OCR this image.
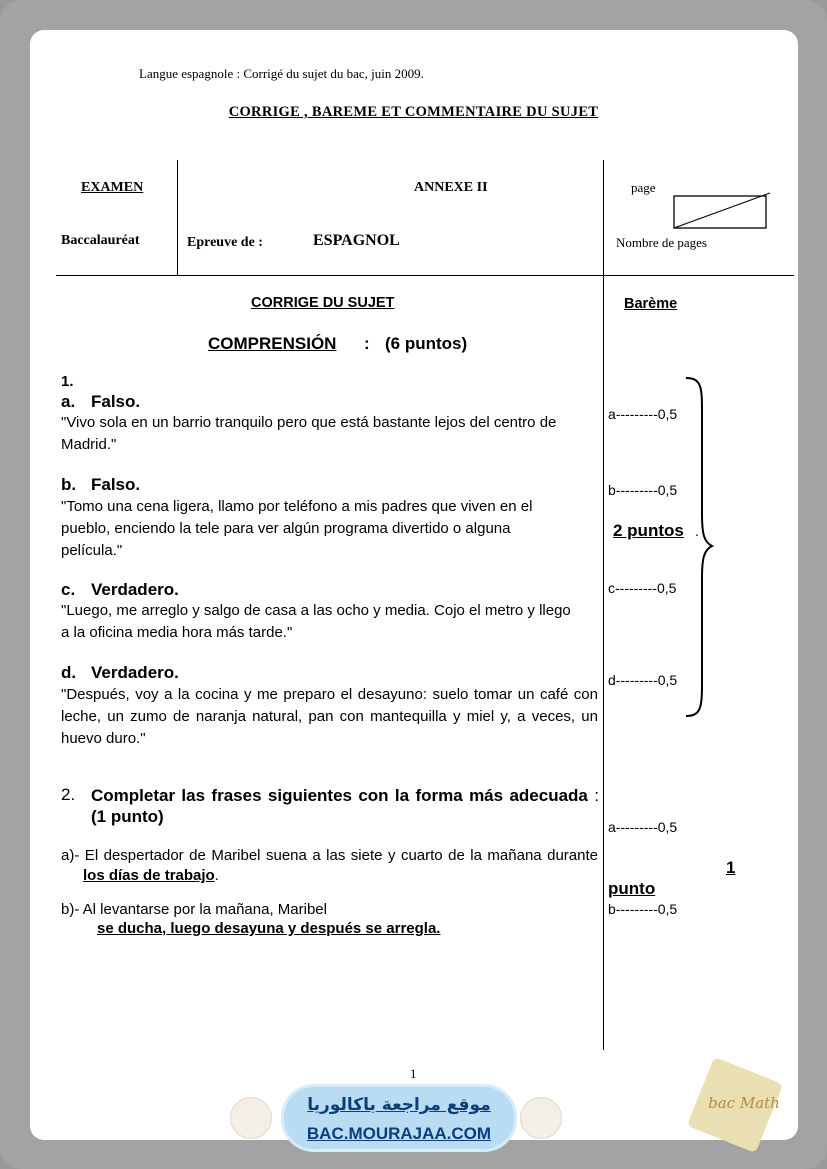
Langue espagnole : Corrigé du sujet du bac, juin 2009.
CORRIGE , BAREME ET COMMENTAIRE DU SUJET
EXAMEN
Baccalauréat
ANNEXE II
Epreuve de :	ESPAGNOL
page
Nombre de pages
CORRIGE DU SUJET	Barème
COMPRENSIÓN : (6 puntos)
1.
a. Falso.
"Vivo sola en un barrio tranquilo pero que está bastante lejos del centro de Madrid."
b. Falso.
"Tomo una cena ligera, llamo por teléfono a mis padres que viven en el pueblo, enciendo la tele para ver algún programa divertido o alguna película."
c. Verdadero.
"Luego, me arreglo y salgo de casa a las ocho y media. Cojo el metro y llego a la oficina media hora más tarde."
d. Verdadero.
"Después, voy a la cocina y me preparo el desayuno: suelo tomar un café con leche, un zumo de naranja natural, pan con mantequilla y miel y, a veces, un huevo duro."
a---------0,5
b---------0,5
c---------0,5
d---------0,5
2 puntos .
2. Completar las frases siguientes con la forma más adecuada : (1 punto)
a)- El despertador de Maribel suena a las siete y cuarto de la mañana durante los días de trabajo.
b)- Al levantarse por la mañana, Maribel
se ducha, luego desayuna y después se arregla.
a---------0,5
1
punto
b---------0,5
1
موقع مراجعة باكالوريا
BAC.MOURAJAA.COM
bac Math
